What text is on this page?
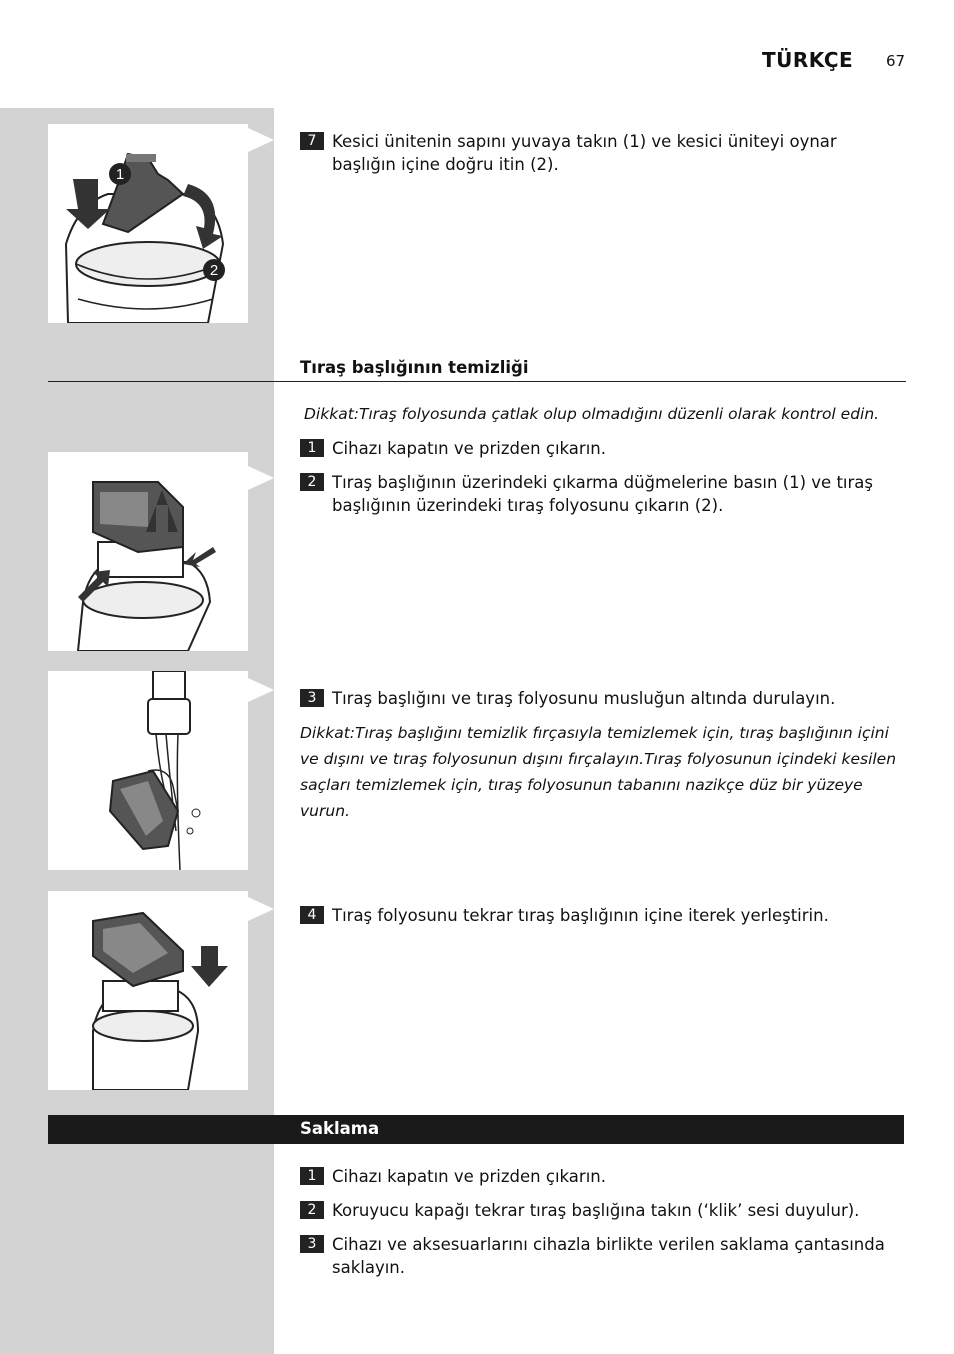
TÜRKÇE 67
1
2
7 Kesici ünitenin sapını yuvaya takın (1) ve kesici üniteyi oynar başlığın içine doğru itin (2).
Tıraş başlığının temizliği
Dikkat:Tıraş folyosunda çatlak olup olmadığını düzenli olarak kontrol edin.
1 Cihazı kapatın ve prizden çıkarın.
2 Tıraş başlığının üzerindeki çıkarma düğmelerine basın (1) ve tıraş başlığının üzerindeki tıraş folyosunu çıkarın (2).
3 Tıraş başlığını ve tıraş folyosunu musluğun altında durulayın.
Dikkat:Tıraş başlığını temizlik fırçasıyla temizlemek için, tıraş başlığının içini ve dışını ve tıraş folyosunun dışını fırçalayın.Tıraş folyosunun içindeki kesilen saçları temizlemek için, tıraş folyosunun tabanını nazikçe düz bir yüzeye vurun.
4 Tıraş folyosunu tekrar tıraş başlığının içine iterek yerleştirin.
Saklama
1 Cihazı kapatın ve prizden çıkarın.
2 Koruyucu kapağı tekrar tıraş başlığına takın (‘klik’ sesi duyulur).
3 Cihazı ve aksesuarlarını cihazla birlikte verilen saklama çantasında saklayın.
